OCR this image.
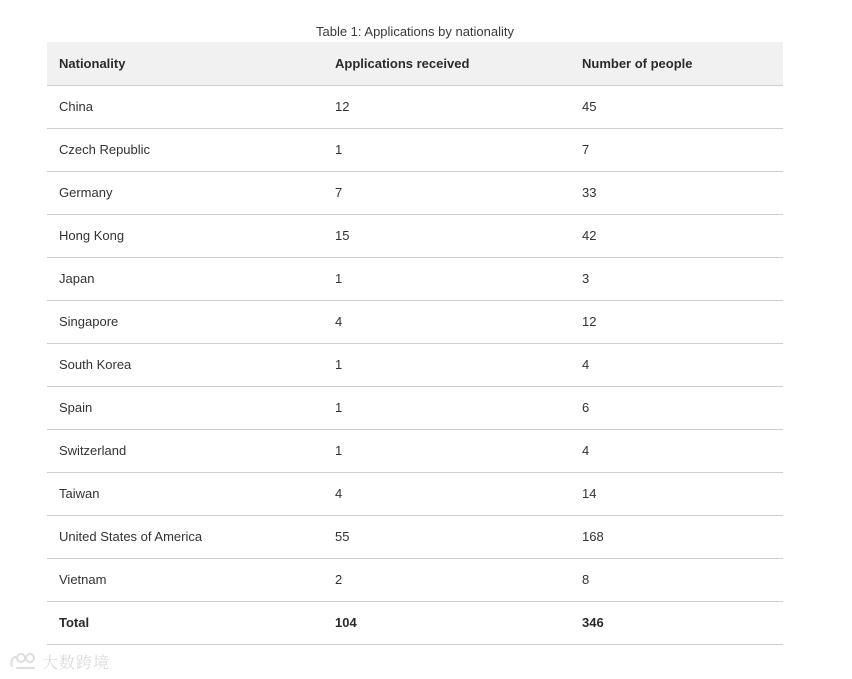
Table 1: Applications by nationality
Nationality	Applications received	Number of people
China	12	45
Czech Republic	1	7
Germany	7	33
Hong Kong	15	42
Japan	1	3
Singapore	4	12
South Korea	1	4
Spain	1	6
Switzerland	1	4
Taiwan	4	14
United States of America	55	168
Vietnam	2	8
Total	104	346
大数跨境
